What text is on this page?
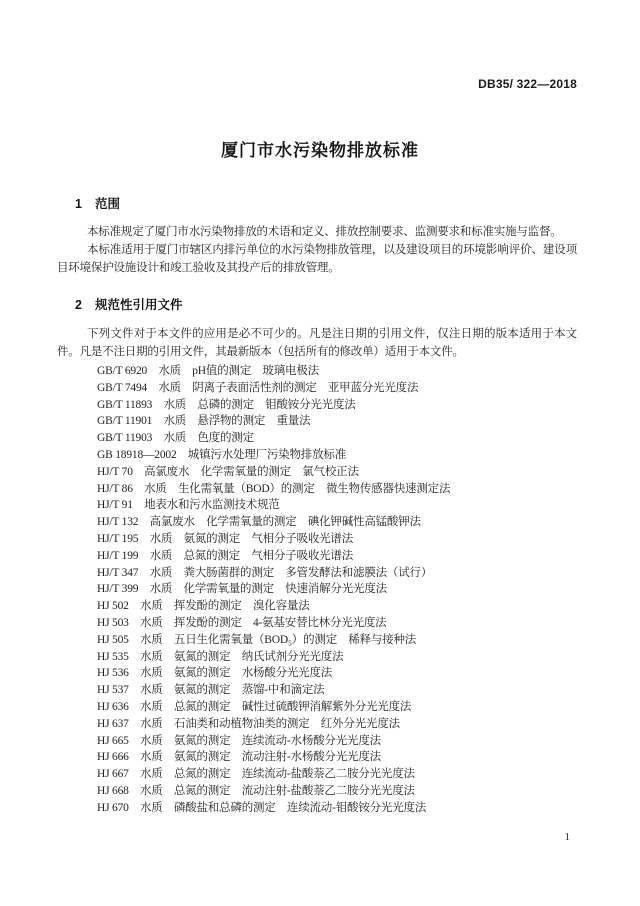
DB35/ 322—2018
厦门市水污染物排放标准
1 范围

本标准规定了厦门市水污染物排放的术语和定义、排放控制要求、监测要求和标准实施与监督。

本标准适用于厦门市辖区内排污单位的水污染物排放管理，以及建设项目的环境影响评价、建设项目环境保护设施设计和竣工验收及其投产后的排放管理。

2 规范性引用文件

下列文件对于本文件的应用是必不可少的。凡是注日期的引用文件，仅注日期的版本适用于本文件。凡是不注日期的引用文件，其最新版本（包括所有的修改单）适用于本文件。

GB/T 6920　水质　pH值的测定　玻璃电极法
GB/T 7494　水质　阴离子表面活性剂的测定　亚甲蓝分光光度法
GB/T 11893　水质　总磷的测定　钼酸铵分光光度法
GB/T 11901　水质　悬浮物的测定　重量法
GB/T 11903　水质　色度的测定
GB 18918—2002　城镇污水处理厂污染物排放标准
HJ/T 70　高氯废水　化学需氧量的测定　氯气校正法
HJ/T 86　水质　生化需氧量（BOD）的测定　微生物传感器快速测定法
HJ/T 91　地表水和污水监测技术规范
HJ/T 132　高氯废水　化学需氧量的测定　碘化钾碱性高锰酸钾法
HJ/T 195　水质　氨氮的测定　气相分子吸收光谱法
HJ/T 199　水质　总氮的测定　气相分子吸收光谱法
HJ/T 347　水质　粪大肠菌群的测定　多管发酵法和滤膜法（试行）
HJ/T 399　水质　化学需氧量的测定　快速消解分光光度法
HJ 502　水质　挥发酚的测定　溴化容量法
HJ 503　水质　挥发酚的测定　4-氨基安替比林分光光度法
HJ 505　水质　五日生化需氧量（BOD₅）的测定　稀释与接种法
HJ 535　水质　氨氮的测定　纳氏试剂分光光度法
HJ 536　水质　氨氮的测定　水杨酸分光光度法
HJ 537　水质　氨氮的测定　蒸馏-中和滴定法
HJ 636　水质　总氮的测定　碱性过硫酸钾消解紫外分光光度法
HJ 637　水质　石油类和动植物油类的测定　红外分光光度法
HJ 665　水质　氨氮的测定　连续流动-水杨酸分光光度法
HJ 666　水质　氨氮的测定　流动注射-水杨酸分光光度法
HJ 667　水质　总氮的测定　连续流动-盐酸萘乙二胺分光光度法
HJ 668　水质　总氮的测定　流动注射-盐酸萘乙二胺分光光度法
HJ 670　水质　磷酸盐和总磷的测定　连续流动-钼酸铵分光光度法
1
